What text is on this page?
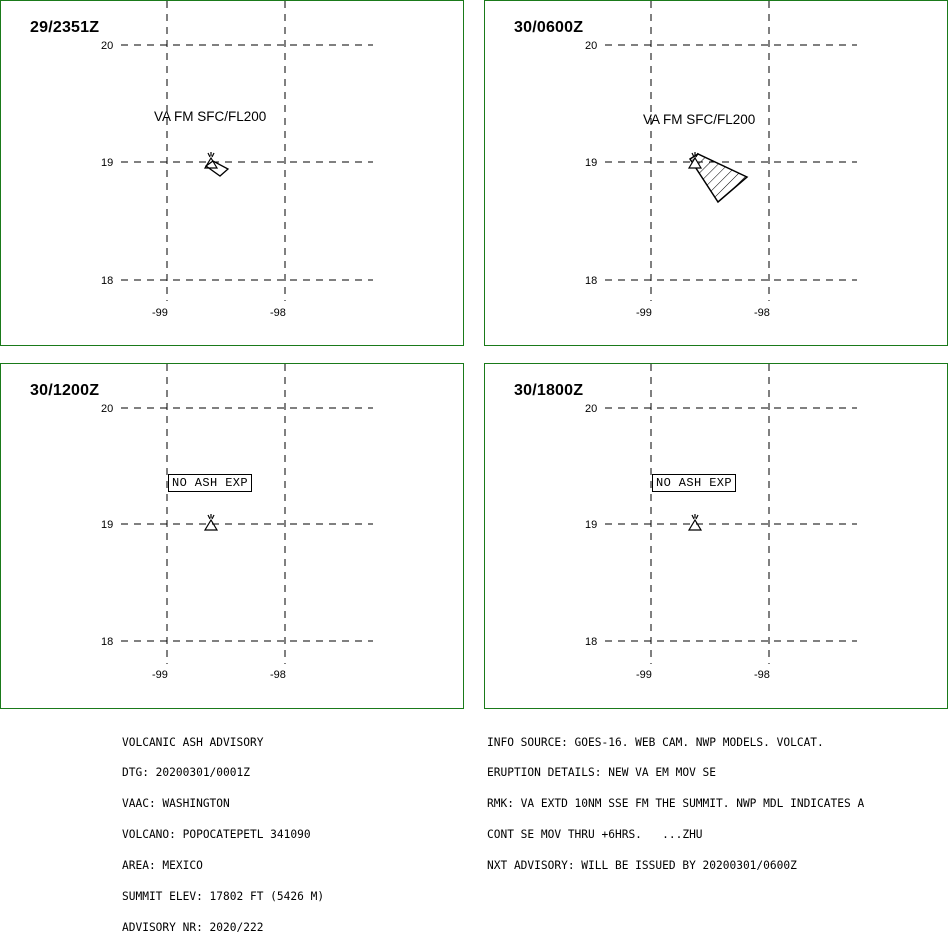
29/2351Z
20
19
18
-99	-98
VA FM SFC/FL200
30/0600Z
20
19
18
-99	-98
VA FM SFC/FL200
30/1200Z
20
19
18
-99	-98
NO ASH EXP
30/1800Z
20
19
18
-99	-98
NO ASH EXP

VOLCANIC ASH ADVISORY

DTG: 20200301/0001Z

VAAC: WASHINGTON

VOLCANO: POPOCATEPETL 341090

AREA: MEXICO

SUMMIT ELEV: 17802 FT (5426 M)

ADVISORY NR: 2020/222

INFO SOURCE: GOES-16. WEB CAM. NWP MODELS. VOLCAT.

ERUPTION DETAILS: NEW VA EM MOV SE

RMK: VA EXTD 10NM SSE FM THE SUMMIT. NWP MDL INDICATES A

CONT SE MOV THRU +6HRS.   ...ZHU

NXT ADVISORY: WILL BE ISSUED BY 20200301/0600Z
